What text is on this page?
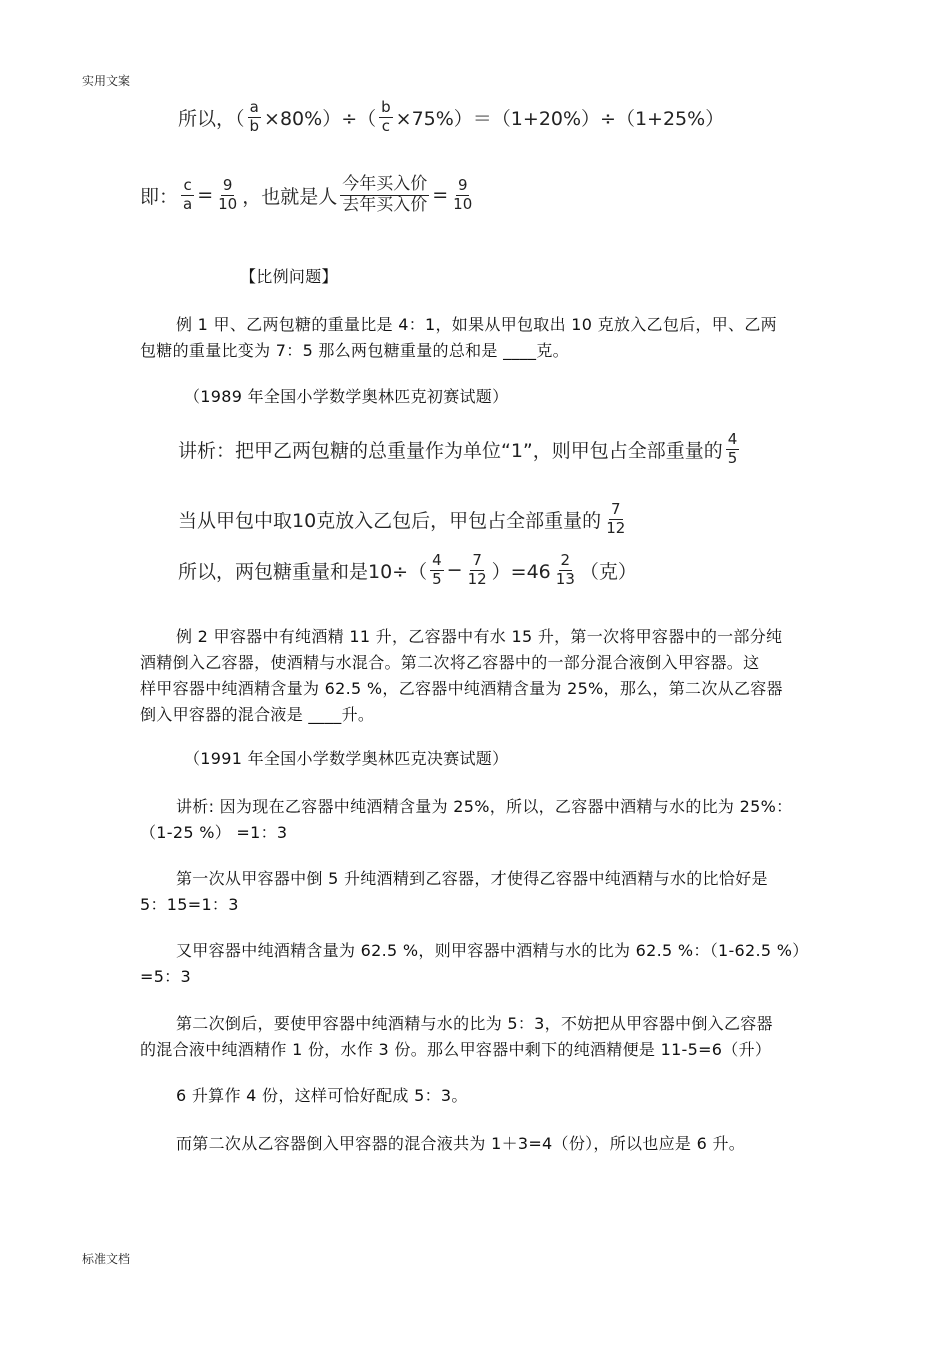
实用文案
标准文档
所以，（ $\frac{a}{b} \times 80\%)\div( \frac{b}{c} \times 75\%)=(1+20\%)\div(1+25\%)$
即： $\frac{c}{a} = \frac{9}{10}$ ，也就是人 $\frac{\text{今年买入价}}{\text{去年买入价}} = \frac{9}{10}$
【比例问题】
例 1 甲、乙两包糖的重量比是 4：1，如果从甲包取出 10 克放入乙包后，甲、乙两
包糖的重量比变为 7：5 那么两包糖重量的总和是 ____克。
（1989 年全国小学数学奥林匹克初赛试题）
讲析：把甲乙两包糖的总重量作为单位“1”，则甲包占全部重量的 $\frac{4}{5}$
当从甲包中取10克放入乙包后，甲包占全部重量的 $\frac{7}{12}$
所以，两包糖重量和是$10\div( \frac{4}{5} - \frac{7}{12} )=46 \frac{2}{13}$ （克）
例 2 甲容器中有纯酒精 11 升，乙容器中有水 15 升，第一次将甲容器中的一部分纯
酒精倒入乙容器，使酒精与水混合。第二次将乙容器中的一部分混合液倒入甲容器。这
样甲容器中纯酒精含量为 62.5 %，乙容器中纯酒精含量为 25%，那么，第二次从乙容器
倒入甲容器的混合液是 ____升。
（1991 年全国小学数学奥林匹克决赛试题）
讲析: 因为现在乙容器中纯酒精含量为 25%，所以，乙容器中酒精与水的比为 25%：
（1-25 %） =1：3
第一次从甲容器中倒 5 升纯酒精到乙容器，才使得乙容器中纯酒精与水的比恰好是
5：15=1：3
又甲容器中纯酒精含量为 62.5 %，则甲容器中酒精与水的比为 62.5 %：（1-62.5 %）
=5：3
第二次倒后，要使甲容器中纯酒精与水的比为 5：3，不妨把从甲容器中倒入乙容器
的混合液中纯酒精作 1 份，水作 3 份。那么甲容器中剩下的纯酒精便是 11-5=6（升）
6 升算作 4 份，这样可恰好配成 5：3。
而第二次从乙容器倒入甲容器的混合液共为 1＋3=4（份），所以也应是 6 升。
